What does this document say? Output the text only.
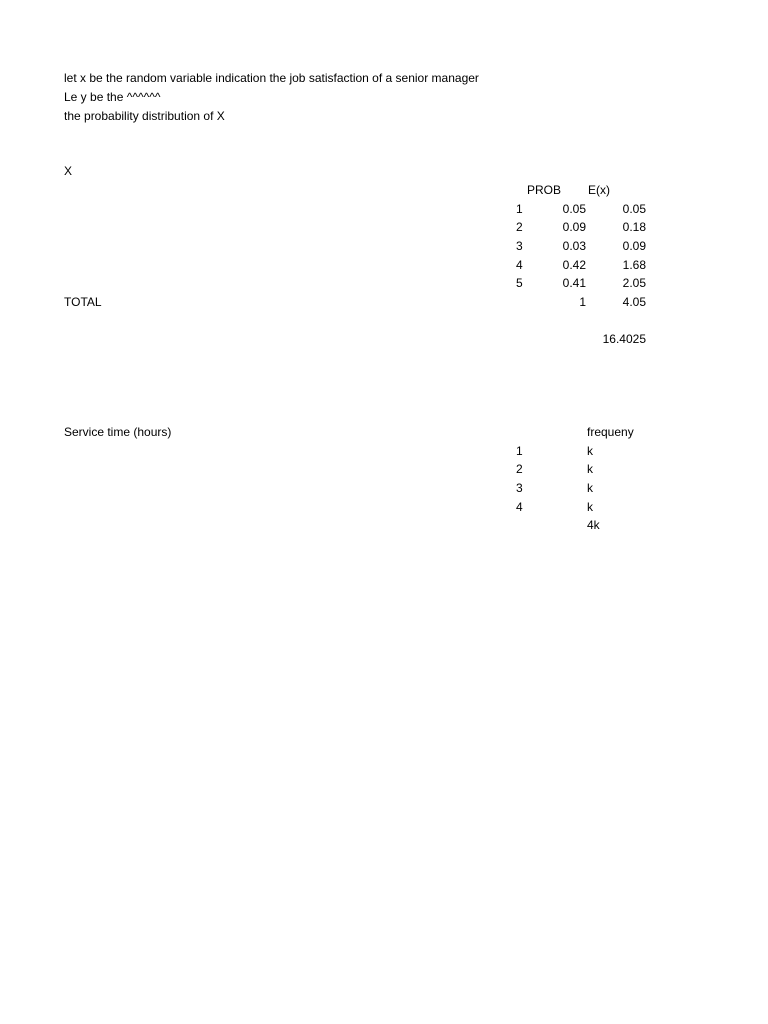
let x be the random variable indication the job satisfaction of a senior manager
Le y be the ^^^^^^
the probability distribution of X
X
PROB E(x)
1	0.05	0.05
2	0.09	0.18
3	0.03	0.09
4	0.42	1.68
5	0.41	2.05
TOTAL	1	4.05
16.4025
Service time (hours)	frequeny
1	k
2	k
3	k
4	k
4k
